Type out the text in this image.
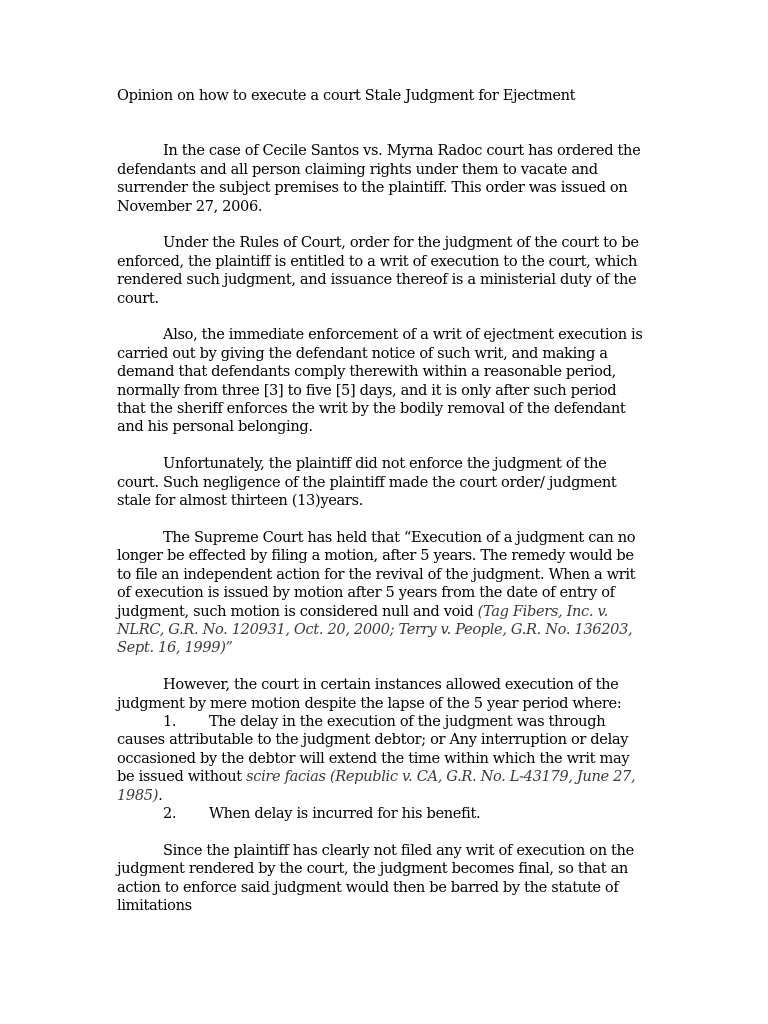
Opinion on how to execute a court Stale Judgment for Ejectment

In the case of Cecile Santos vs. Myrna Radoc court has ordered the defendants and all person claiming rights under them to vacate and surrender the subject premises to the plaintiff. This order was issued on November 27, 2006.

Under the Rules of Court, order for the judgment of the court to be enforced, the plaintiff is entitled to a writ of execution to the court, which rendered such judgment, and issuance thereof is a ministerial duty of the court.

Also, the immediate enforcement of a writ of ejectment execution is carried out by giving the defendant notice of such writ, and making a demand that defendants comply therewith within a reasonable period, normally from three [3] to five [5] days, and it is only after such period that the sheriff enforces the writ by the bodily removal of the defendant and his personal belonging.

Unfortunately, the plaintiff did not enforce the judgment of the court. Such negligence of the plaintiff made the court order/ judgment stale for almost thirteen (13)years.

The Supreme Court has held that “Execution of a judgment can no longer be effected by filing a motion, after 5 years. The remedy would be to file an independent action for the revival of the judgment. When a writ of execution is issued by motion after 5 years from the date of entry of judgment, such motion is considered null and void (Tag Fibers, Inc. v. NLRC, G.R. No. 120931, Oct. 20, 2000; Terry v. People, G.R. No. 136203, Sept. 16, 1999)”

However, the court in certain instances allowed execution of the judgment by mere motion despite the lapse of the 5 year period where:

1. The delay in the execution of the judgment was through causes attributable to the judgment debtor; or Any interruption or delay occasioned by the debtor will extend the time within which the writ may be issued without scire facias (Republic v. CA, G.R. No. L-43179, June 27, 1985).

2. When delay is incurred for his benefit.

Since the plaintiff has clearly not filed any writ of execution on the judgment rendered by the court, the judgment becomes final, so that an action to enforce said judgment would then be barred by the statute of limitations
